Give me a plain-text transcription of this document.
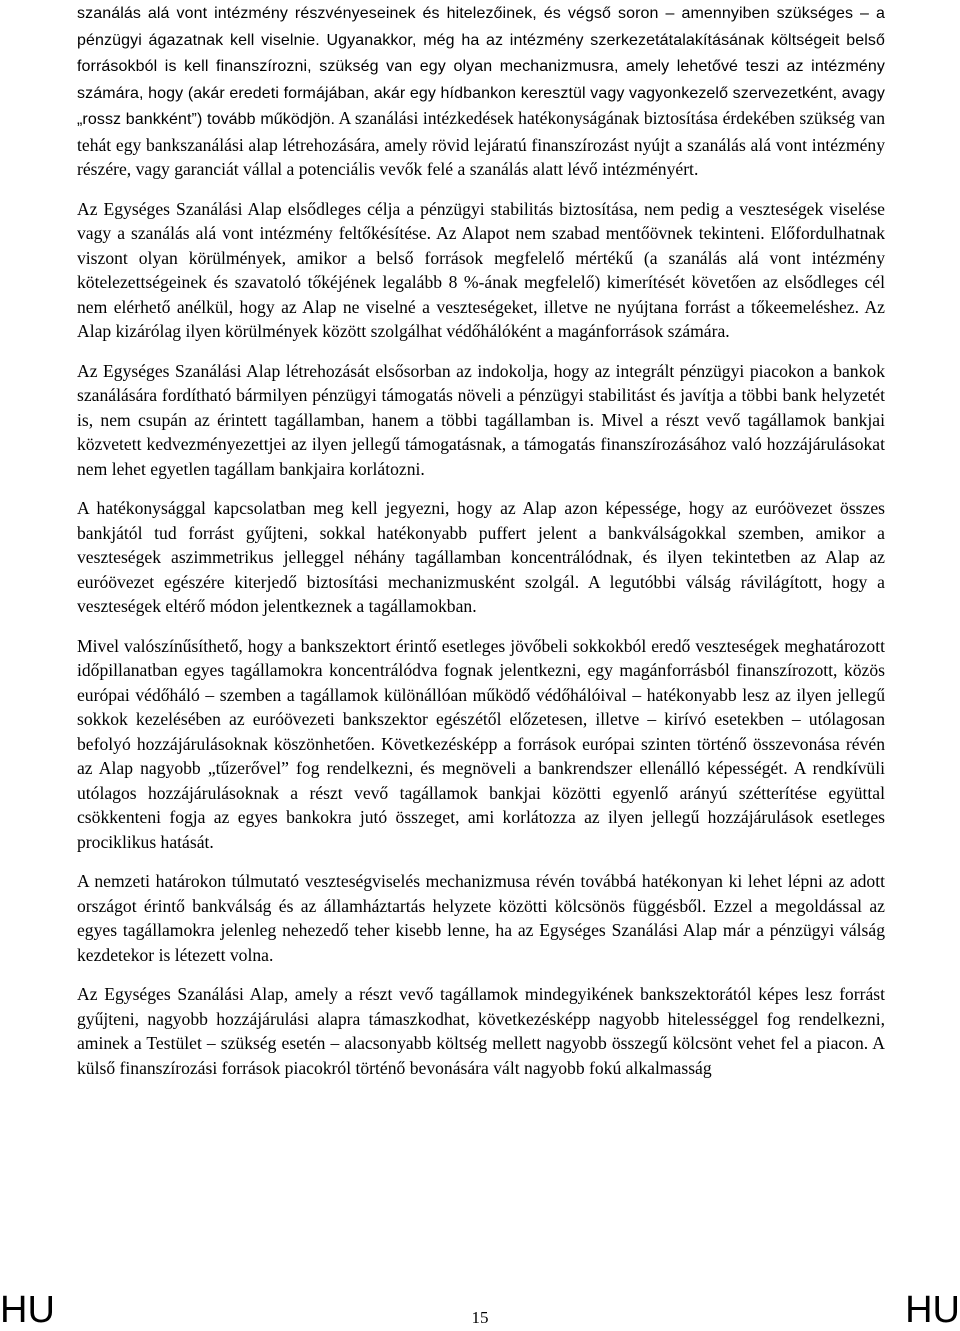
szanálás alá vont intézmény részvényeseinek és hitelezőinek, és végső soron – amennyiben szükséges – a pénzügyi ágazatnak kell viselnie. Ugyanakkor, még ha az intézmény szerkezetátalakításának költségeit belső forrásokból is kell finanszírozni, szükség van egy olyan mechanizmusra, amely lehetővé teszi az intézmény számára, hogy (akár eredeti formájában, akár egy hídbankon keresztül vagy vagyonkezelő szervezetként, avagy „rossz bankként”) tovább működjön. A szanálási intézkedések hatékonyságának biztosítása érdekében szükség van tehát egy bankszanálási alap létrehozására, amely rövid lejáratú finanszírozást nyújt a szanálás alá vont intézmény részére, vagy garanciát vállal a potenciális vevők felé a szanálás alatt lévő intézményért.

Az Egységes Szanálási Alap elsődleges célja a pénzügyi stabilitás biztosítása, nem pedig a veszteségek viselése vagy a szanálás alá vont intézmény feltőkésítése. Az Alapot nem szabad mentőövnek tekinteni. Előfordulhatnak viszont olyan körülmények, amikor a belső források megfelelő mértékű (a szanálás alá vont intézmény kötelezettségeinek és szavatoló tőkéjének legalább 8 %-ának megfelelő) kimerítését követően az elsődleges cél nem elérhető anélkül, hogy az Alap ne viselné a veszteségeket, illetve ne nyújtana forrást a tőkeemeléshez. Az Alap kizárólag ilyen körülmények között szolgálhat védőhálóként a magánforrások számára.

Az Egységes Szanálási Alap létrehozását elsősorban az indokolja, hogy az integrált pénzügyi piacokon a bankok szanálására fordítható bármilyen pénzügyi támogatás növeli a pénzügyi stabilitást és javítja a többi bank helyzetét is, nem csupán az érintett tagállamban, hanem a többi tagállamban is. Mivel a részt vevő tagállamok bankjai közvetett kedvezményezettjei az ilyen jellegű támogatásnak, a támogatás finanszírozásához való hozzájárulásokat nem lehet egyetlen tagállam bankjaira korlátozni.

A hatékonysággal kapcsolatban meg kell jegyezni, hogy az Alap azon képessége, hogy az euróövezet összes bankjától tud forrást gyűjteni, sokkal hatékonyabb puffert jelent a bankválságokkal szemben, amikor a veszteségek aszimmetrikus jelleggel néhány tagállamban koncentrálódnak, és ilyen tekintetben az Alap az euróövezet egészére kiterjedő biztosítási mechanizmusként szolgál. A legutóbbi válság rávilágított, hogy a veszteségek eltérő módon jelentkeznek a tagállamokban.

Mivel valószínűsíthető, hogy a bankszektort érintő esetleges jövőbeli sokkokból eredő veszteségek meghatározott időpillanatban egyes tagállamokra koncentrálódva fognak jelentkezni, egy magánforrásból finanszírozott, közös európai védőháló – szemben a tagállamok különállóan működő védőhálóival – hatékonyabb lesz az ilyen jellegű sokkok kezelésében az euróövezeti bankszektor egészétől előzetesen, illetve – kirívó esetekben – utólagosan befolyó hozzájárulásoknak köszönhetően. Következésképp a források európai szinten történő összevonása révén az Alap nagyobb „tűzerővel” fog rendelkezni, és megnöveli a bankrendszer ellenálló képességét. A rendkívüli utólagos hozzájárulásoknak a részt vevő tagállamok bankjai közötti egyenlő arányú szétterítése együttal csökkenteni fogja az egyes bankokra jutó összeget, ami korlátozza az ilyen jellegű hozzájárulások esetleges prociklikus hatását.

A nemzeti határokon túlmutató veszteségviselés mechanizmusa révén továbbá hatékonyan ki lehet lépni az adott országot érintő bankválság és az államháztartás helyzete közötti kölcsönös függésből. Ezzel a megoldással az egyes tagállamokra jelenleg nehezedő teher kisebb lenne, ha az Egységes Szanálási Alap már a pénzügyi válság kezdetekor is létezett volna.

Az Egységes Szanálási Alap, amely a részt vevő tagállamok mindegyikének bankszektorától képes lesz forrást gyűjteni, nagyobb hozzájárulási alapra támaszkodhat, következésképp nagyobb hitelességgel fog rendelkezni, aminek a Testület – szükség esetén – alacsonyabb költség mellett nagyobb összegű kölcsönt vehet fel a piacon. A külső finanszírozási források piacokról történő bevonására vált nagyobb fokú alkalmasság

HU	15	HU
